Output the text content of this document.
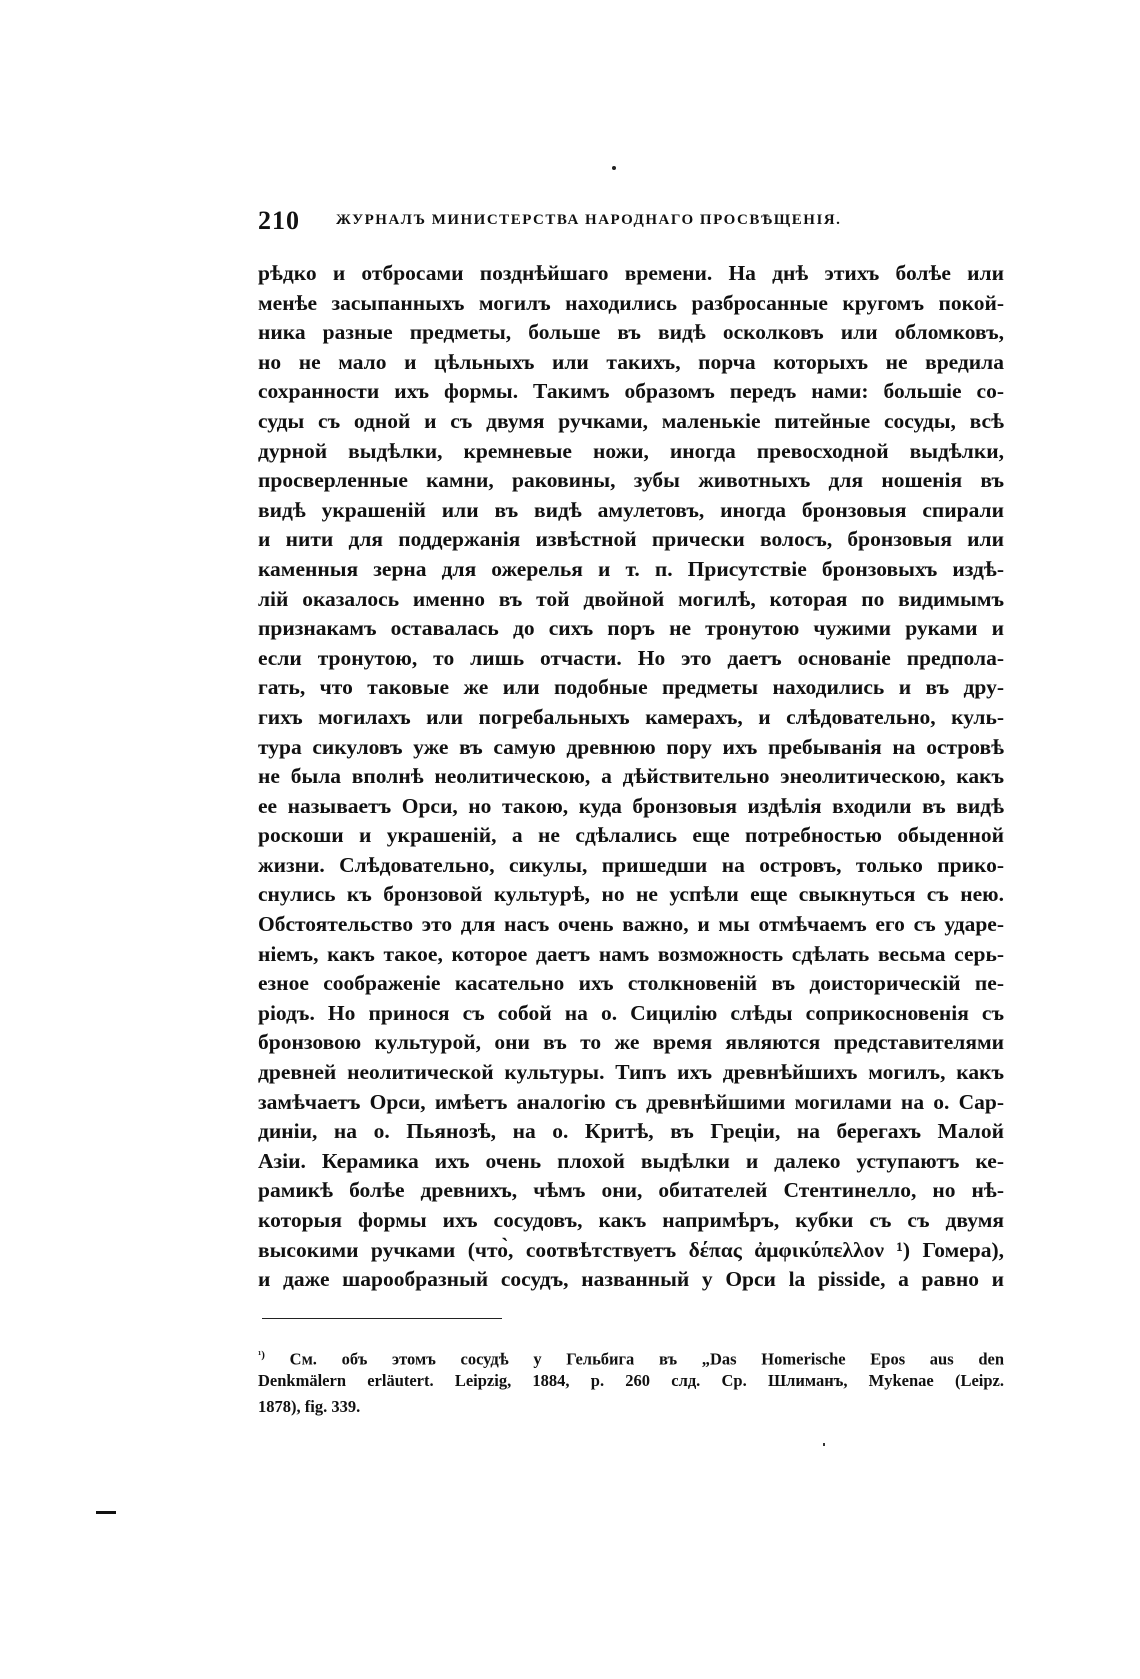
210 ЖУРНАЛЪ МИНИСТЕРСТВА НАРОДНАГО ПРОСВѢЩЕНІЯ.
рѣдко и отбросами позднѣйшаго времени. На днѣ этихъ болѣе или
менѣе засыпанныхъ могилъ находились разбросанные кругомъ покой-
ника разные предметы, больше въ видѣ осколковъ или обломковъ,
но не мало и цѣльныхъ или такихъ, порча которыхъ не вредила
сохранности ихъ формы. Такимъ образомъ передъ нами: большіе со-
суды съ одной и съ двумя ручками, маленькіе питейные сосуды, всѣ
дурной выдѣлки, кремневые ножи, иногда превосходной выдѣлки,
просверленные камни, раковины, зубы животныхъ для ношенія въ
видѣ украшеній или въ видѣ амулетовъ, иногда бронзовыя спирали
и нити для поддержанія извѣстной прически волосъ, бронзовыя или
каменныя зерна для ожерелья и т. п. Присутствіе бронзовыхъ издѣ-
лій оказалось именно въ той двойной могилѣ, которая по видимымъ
признакамъ оставалась до сихъ поръ не тронутою чужими руками и
если тронутою, то лишь отчасти. Но это даетъ основаніе предпола-
гать, что таковые же или подобные предметы находились и въ дру-
гихъ могилахъ или погребальныхъ камерахъ, и слѣдовательно, куль-
тура сикуловъ уже въ самую древнюю пору ихъ пребыванія на островѣ
не была вполнѣ неолитическою, а дѣйствительно энеолитическою, какъ
ее называетъ Орси, но такою, куда бронзовыя издѣлія входили въ видѣ
роскоши и украшеній, а не сдѣлались еще потребностью обыденной
жизни. Слѣдовательно, сикулы, пришедши на островъ, только прико-
снулись къ бронзовой культурѣ, но не успѣли еще свыкнуться съ нею.
Обстоятельство это для насъ очень важно, и мы отмѣчаемъ его съ ударе-
ніемъ, какъ такое, которое даетъ намъ возможность сдѣлать весьма серь-
езное соображеніе касательно ихъ столкновеній въ доисторическій пе-
ріодъ. Но принося съ собой на о. Сицилію слѣды соприкосновенія съ
бронзовою культурой, они въ то же время являются представителями
древней неолитической культуры. Типъ ихъ древнѣйшихъ могилъ, какъ
замѣчаетъ Орси, имѣетъ аналогію съ древнѣйшими могилами на о. Сар-
диніи, на о. Пьянозѣ, на о. Критѣ, въ Греціи, на берегахъ Малой
Азіи. Керамика ихъ очень плохой выдѣлки и далеко уступаютъ ке-
рамикѣ болѣе древнихъ, чѣмъ они, обитателей Стентинелло, но нѣ-
которыя формы ихъ сосудовъ, какъ напримѣръ, кубки съ съ двумя
высокими ручками (что̀, соотвѣтствуетъ δέπας ἀμφικύπελλον ¹) Гомера),
и даже шарообразный сосудъ, названный у Орси la pisside, а равно и
$^{^1)}$ См. объ этомъ сосудѣ у Гельбига въ „Das Homerische Epos aus den
Denkmälern erläutert. Leipzig, 1884, p. 260 слд. Ср. Шлиманъ, Mykenae (Leipz.
1878), fig. 339.
